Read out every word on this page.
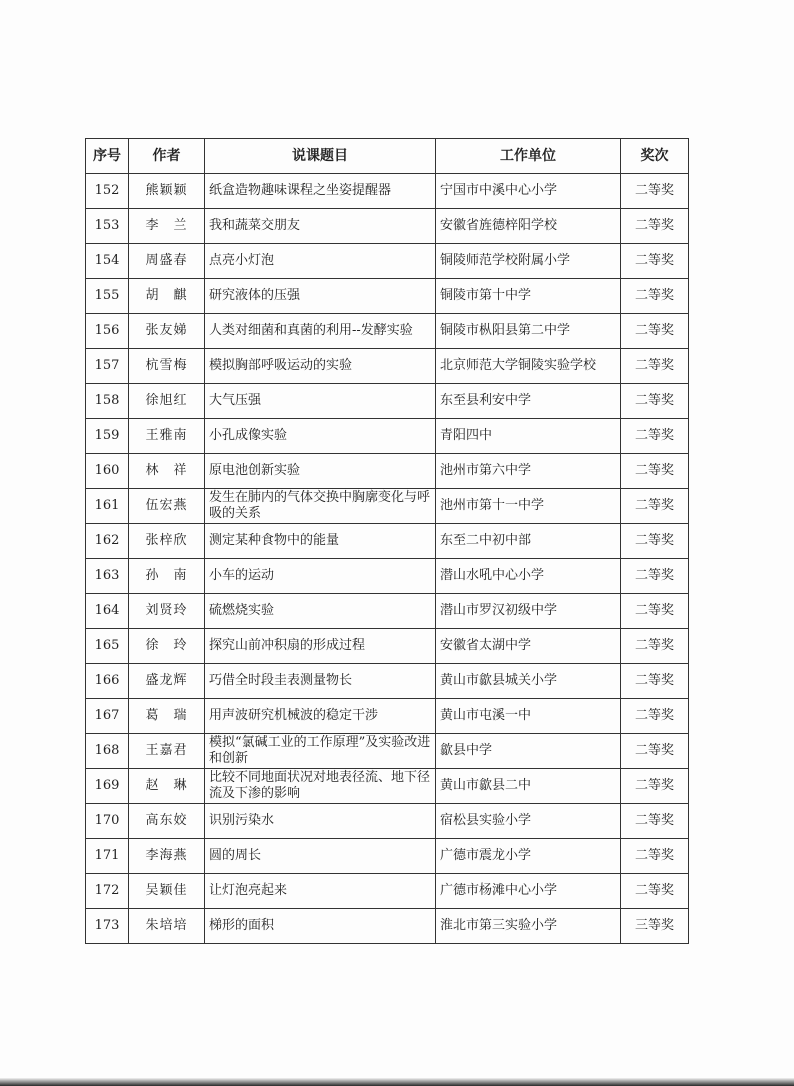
序号	作者	说课题目	工作单位	奖次
152	熊颖颖	纸盒造物趣味课程之坐姿提醒器	宁国市中溪中心小学	二等奖
153	李　兰	我和蔬菜交朋友	安徽省旌德梓阳学校	二等奖
154	周盛春	点亮小灯泡	铜陵师范学校附属小学	二等奖
155	胡　麒	研究液体的压强	铜陵市第十中学	二等奖
156	张友娣	人类对细菌和真菌的利用--发酵实验	铜陵市枞阳县第二中学	二等奖
157	杭雪梅	模拟胸部呼吸运动的实验	北京师范大学铜陵实验学校	二等奖
158	徐旭红	大气压强	东至县利安中学	二等奖
159	王雅南	小孔成像实验	青阳四中	二等奖
160	林　祥	原电池创新实验	池州市第六中学	二等奖
161	伍宏燕	发生在肺内的气体交换中胸廓变化与呼吸的关系	池州市第十一中学	二等奖
162	张梓欣	测定某种食物中的能量	东至二中初中部	二等奖
163	孙　南	小车的运动	潜山水吼中心小学	二等奖
164	刘贤玲	硫燃烧实验	潜山市罗汉初级中学	二等奖
165	徐　玲	探究山前冲积扇的形成过程	安徽省太湖中学	二等奖
166	盛龙辉	巧借全时段圭表测量物长	黄山市歙县城关小学	二等奖
167	葛　瑞	用声波研究机械波的稳定干涉	黄山市屯溪一中	二等奖
168	王嘉君	模拟“氯碱工业的工作原理”及实验改进和创新	歙县中学	二等奖
169	赵　琳	比较不同地面状况对地表径流、地下径流及下渗的影响	黄山市歙县二中	二等奖
170	高东姣	识别污染水	宿松县实验小学	二等奖
171	李海燕	圆的周长	广德市震龙小学	二等奖
172	吴颖佳	让灯泡亮起来	广德市杨滩中心小学	二等奖
173	朱培培	梯形的面积	淮北市第三实验小学	三等奖
